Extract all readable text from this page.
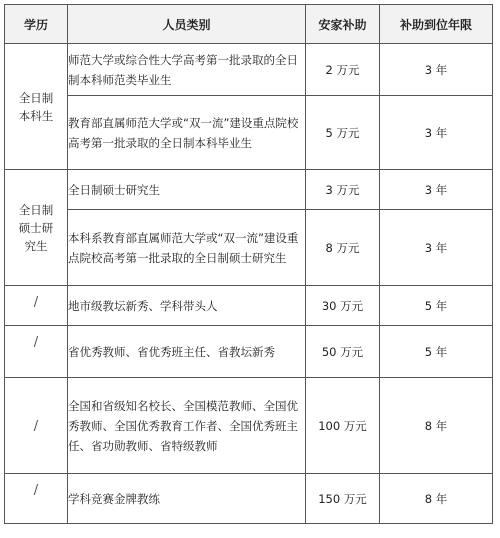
学历	人员类别	安家补助	补助到位年限

全日制本科生	师范大学或综合性大学高考第一批录取的全日制本科师范类毕业生	2 万元	3 年
	教育部直属师范大学或“双一流”建设重点院校高考第一批录取的全日制本科毕业生	5 万元	3 年

全日制硕士研究生	全日制硕士研究生	3 万元	3 年
	本科系教育部直属师范大学或“双一流”建设重点院校高考第一批录取的全日制硕士研究生	8 万元	3 年
/	地市级教坛新秀、学科带头人	30 万元	5 年
/	省优秀教师、省优秀班主任、省教坛新秀	50 万元	5 年

/	全国和省级知名校长、全国模范教师、全国优秀教师、全国优秀教育工作者、全国优秀班主任、省功勋教师、省特级教师	100 万元	8 年
/	学科竞赛金牌教练	150 万元	8 年
